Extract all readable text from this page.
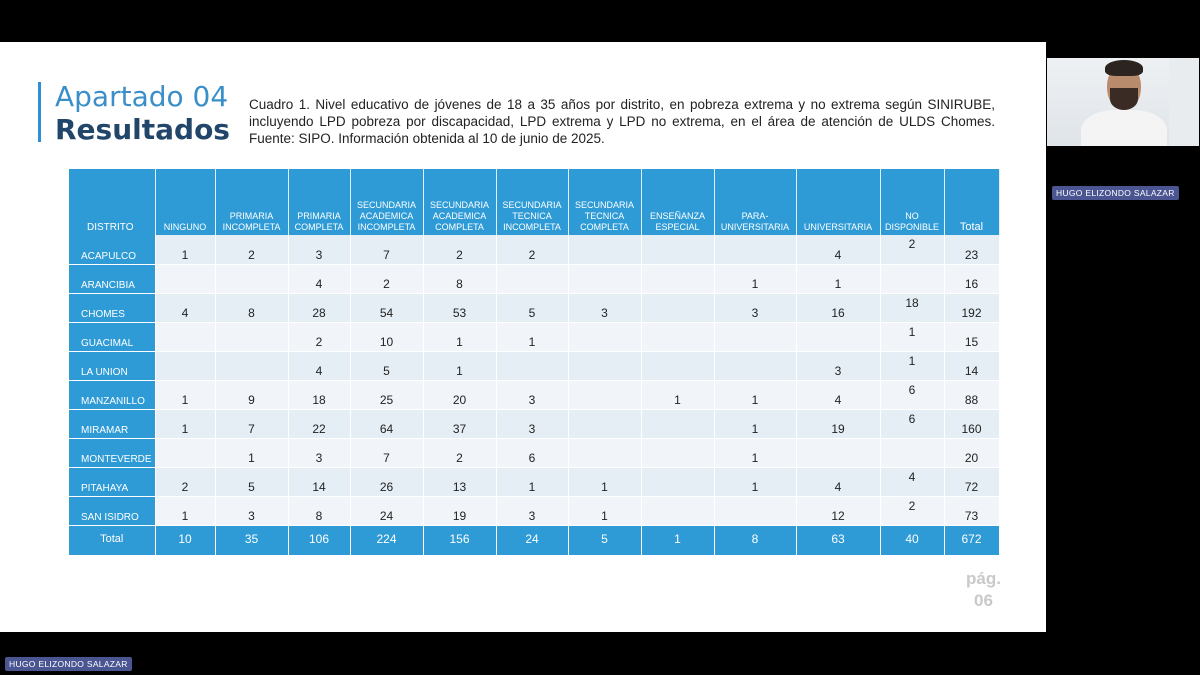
Apartado 04
Resultados

Cuadro 1. Nivel educativo de jóvenes de 18 a 35 años por distrito, en pobreza extrema y no extrema según SINIRUBE, incluyendo LPD pobreza por discapacidad, LPD extrema y LPD no extrema, en el área de atención de ULDS Chomes. Fuente: SIPO. Información obtenida al 10 de junio de 2025.

DISTRITO	NINGUNO	PRIMARIA INCOMPLETA	PRIMARIA COMPLETA	SECUNDARIA ACADEMICA INCOMPLETA	SECUNDARIA ACADEMICA COMPLETA	SECUNDARIA TECNICA INCOMPLETA	SECUNDARIA TECNICA COMPLETA	ENSEÑANZA ESPECIAL	PARA-UNIVERSITARIA	UNIVERSITARIA	NO DISPONIBLE	Total
ACAPULCO	1	2	3	7	2	2				4	2	23
ARANCIBIA			4	2	8				1	1		16
CHOMES	4	8	28	54	53	5	3		3	16	18	192
GUACIMAL			2	10	1	1					1	15
LA UNION			4	5	1					3	1	14
MANZANILLO	1	9	18	25	20	3		1	1	4	6	88
MIRAMAR	1	7	22	64	37	3			1	19	6	160
MONTEVERDE		1	3	7	2	6			1			20
PITAHAYA	2	5	14	26	13	1	1		1	4	4	72
SAN ISIDRO	1	3	8	24	19	3	1			12	2	73
Total	10	35	106	224	156	24	5	1	8	63	40	672
pág.
06
HUGO ELIZONDO SALAZAR
HUGO ELIZONDO SALAZAR
